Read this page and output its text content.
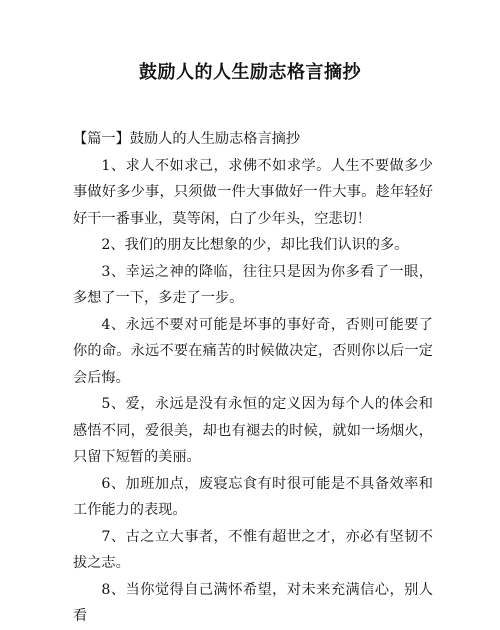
鼓励人的人生励志格言摘抄

【篇一】鼓励人的人生励志格言摘抄

1、求人不如求己，求佛不如求学。人生不要做多少事做好多少事，只须做一件大事做好一件大事。趁年轻好好干一番事业，莫等闲，白了少年头，空悲切！

2、我们的朋友比想象的少，却比我们认识的多。

3、幸运之神的降临，往往只是因为你多看了一眼，多想了一下，多走了一步。

4、永远不要对可能是坏事的事好奇，否则可能要了你的命。永远不要在痛苦的时候做决定，否则你以后一定会后悔。

5、爱，永远是没有永恒的定义因为每个人的体会和感悟不同，爱很美，却也有褪去的时候，就如一场烟火，只留下短暂的美丽。

6、加班加点，废寝忘食有时很可能是不具备效率和工作能力的表现。

7、古之立大事者，不惟有超世之才，亦必有坚韧不拔之志。

8、当你觉得自己满怀希望，对未来充满信心，别人看
